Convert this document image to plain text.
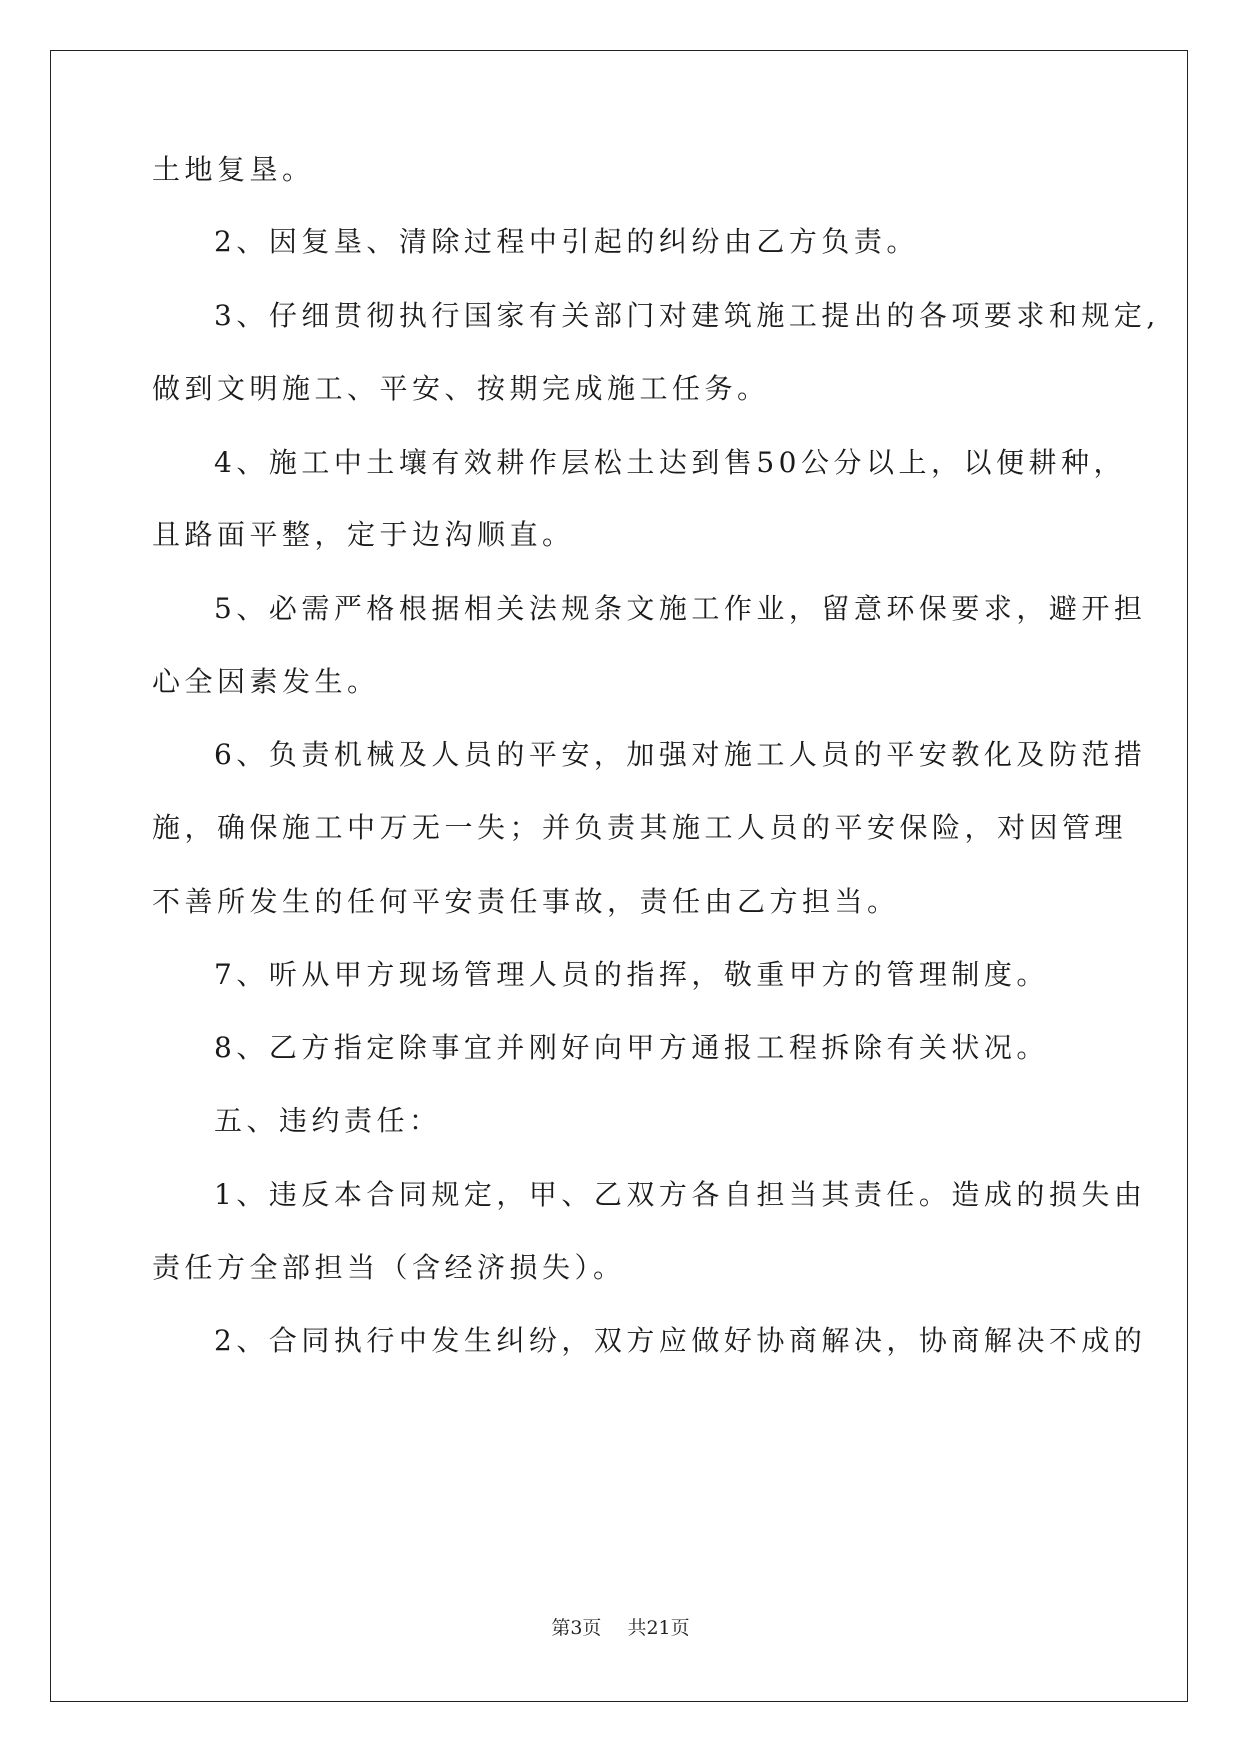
土地复垦。
2、因复垦、清除过程中引起的纠纷由乙方负责。
3、仔细贯彻执行国家有关部门对建筑施工提出的各项要求和规定,
做到文明施工、平安、按期完成施工任务。
4、施工中土壤有效耕作层松土达到售50公分以上，以便耕种，
且路面平整，定于边沟顺直。
5、必需严格根据相关法规条文施工作业，留意环保要求，避开担
心全因素发生。
6、负责机械及人员的平安，加强对施工人员的平安教化及防范措
施，确保施工中万无一失；并负责其施工人员的平安保险，对因管理
不善所发生的任何平安责任事故，责任由乙方担当。
7、听从甲方现场管理人员的指挥，敬重甲方的管理制度。
8、乙方指定除事宜并刚好向甲方通报工程拆除有关状况。
五、违约责任：
1、违反本合同规定，甲、乙双方各自担当其责任。造成的损失由
责任方全部担当（含经济损失）。
2、合同执行中发生纠纷，双方应做好协商解决，协商解决不成的
第3页 共21页
